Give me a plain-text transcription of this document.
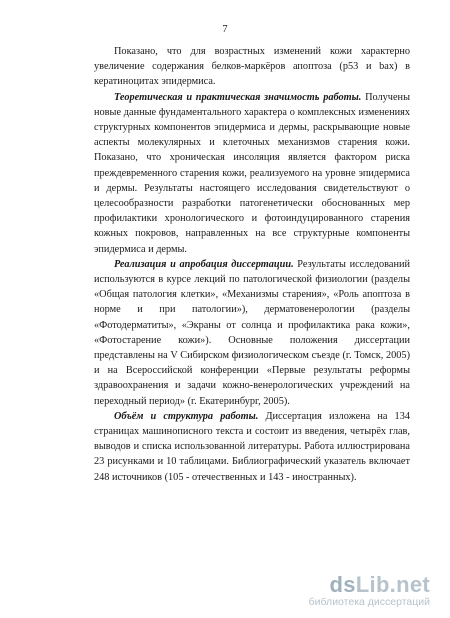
7

Показано, что для возрастных изменений кожи характерно увеличение содержания белков-маркёров апоптоза (р53 и bax) в кератиноцитах эпидермиса.

Теоретическая и практическая значимость работы. Получены новые данные фундаментального характера о комплексных изменениях структурных компонентов эпидермиса и дермы, раскрывающие новые аспекты молекулярных и клеточных механизмов старения кожи. Показано, что хроническая инсоляция является фактором риска преждевременного старения кожи, реализуемого на уровне эпидермиса и дермы. Результаты настоящего исследования свидетельствуют о целесообразности разработки патогенетически обоснованных мер профилактики хронологического и фотоиндуцированного старения кожных покровов, направленных на все структурные компоненты эпидермиса и дермы.

Реализация и апробация диссертации. Результаты исследований используются в курсе лекций по патологической физиологии (разделы «Общая патология клетки», «Механизмы старения», «Роль апоптоза в норме и при патологии»), дерматовенерологии (разделы «Фотодерматиты», «Экраны от солнца и профилактика рака кожи», «Фотостарение кожи»). Основные положения диссертации представлены на V Сибирском физиологическом съезде (г. Томск, 2005) и на Всероссийской конференции «Первые результаты реформы здравоохранения и задачи кожно-венерологических учреждений на переходный период» (г. Екатеринбург, 2005).

Объём и структура работы. Диссертация изложена на 134 страницах машинописного текста и состоит из введения, четырёх глав, выводов и списка использованной литературы. Работа иллюстрирована 23 рисунками и 10 таблицами. Библиографический указатель включает 248 источников (105 - отечественных и 143 - иностранных).

dsLib.net
библиотека диссертаций
